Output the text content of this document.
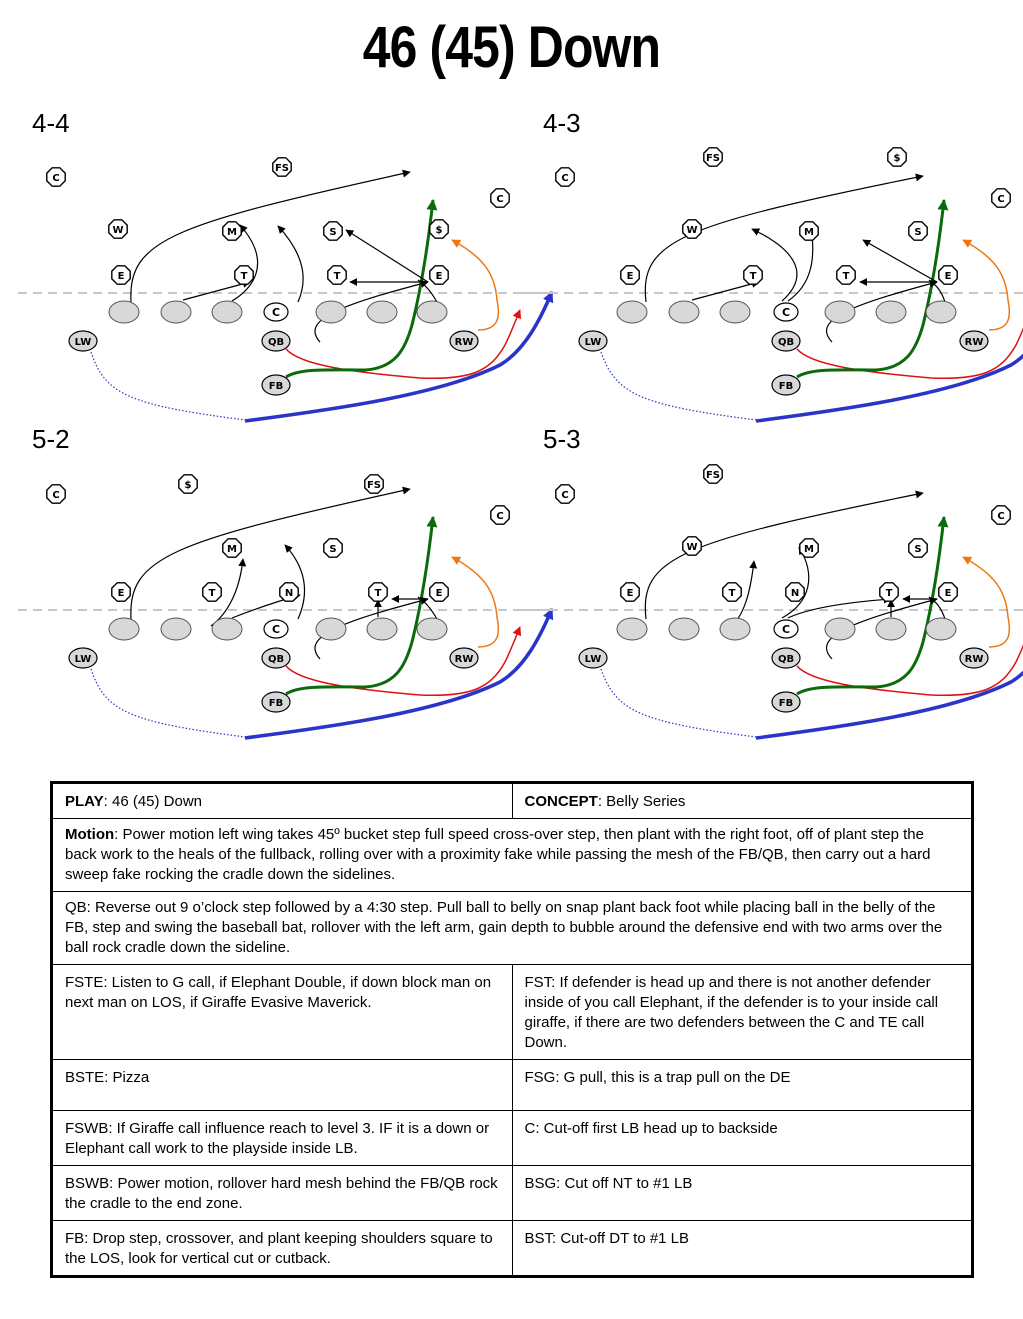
46 (45) Down
4-4	4-3
5-2	5-3
C
LW	QB	RW
FB
C
FS
C
W	M	S	$
E	T	T	E
C
LW	QB	RW
FB
FS	$
C
C
W	M	S
E	T	T	E
C
LW	QB	RW
FB
C
$	FS
C
M	S
E	T	N	T	E
C
LW	QB	RW
FB
FS
C
C
W	M	S
E	T	N	T	E
PLAY: 46 (45) Down	CONCEPT: Belly Series
Motion: Power motion left wing takes 45º bucket step full speed cross-over step, then plant with the right foot, off of plant step the back work to the heals of the fullback, rolling over with a proximity fake while passing the mesh of the FB/QB, then carry out a hard sweep fake rocking the cradle down the sidelines.	
QB: Reverse out 9 o’clock step followed by a 4:30 step. Pull ball to belly on snap plant back foot while placing ball in the belly of the FB, step and swing the baseball bat, rollover with the left arm, gain depth to bubble around the defensive end with two arms over the ball rock cradle down the sideline.	
FSTE: Listen to G call, if Elephant Double, if down block man on next man on LOS, if Giraffe Evasive Maverick.	FST: If defender is head up and there is not another defender inside of you call Elephant, if the defender is to your inside call giraffe, if there are two defenders between the C and TE call Down.
BSTE: Pizza	FSG: G pull, this is a trap pull on the DE
FSWB: If Giraffe call influence reach to level 3. IF it is a down or Elephant call work to the playside inside LB.	C: Cut-off first LB head up to backside
BSWB: Power motion, rollover hard mesh behind the FB/QB rock the cradle to the end zone.	BSG: Cut off NT to #1 LB
FB: Drop step, crossover, and plant keeping shoulders square to the LOS, look for vertical cut or cutback.	BST: Cut-off DT to #1 LB
